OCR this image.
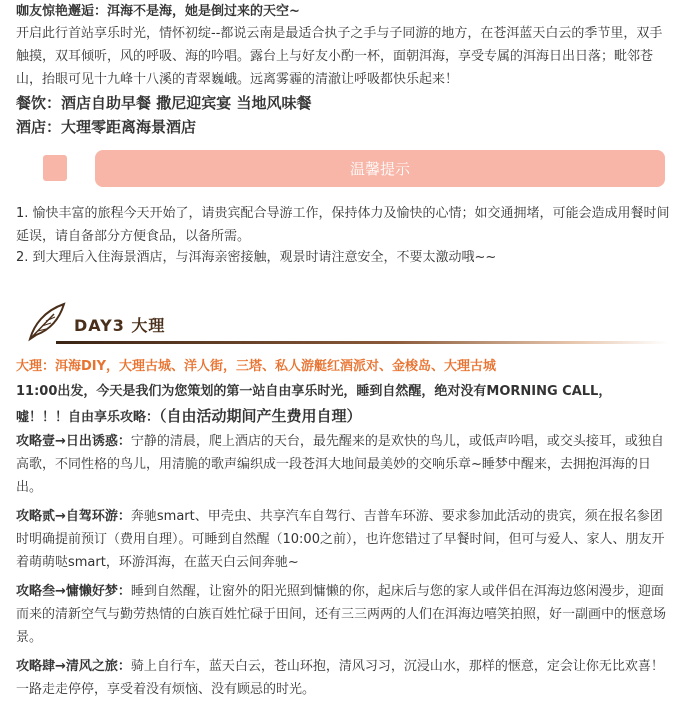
咖友惊艳邂逅：洱海不是海，她是倒过来的天空~

开启此行首站享乐时光，情怀初绽--都说云南是最适合执子之手与子同游的地方，在苍洱蓝天白云的季节里，双手触摸，双耳倾听，风的呼吸、海的吟唱。露台上与好友小酌一杯，面朝洱海，享受专属的洱海日出日落；毗邻苍山，抬眼可见十九峰十八溪的青翠巍峨。远离雾霾的清澈让呼吸都快乐起来！

餐饮：酒店自助早餐 撒尼迎宾宴 当地风味餐

酒店：大理零距离海景酒店

温馨提示

1. 愉快丰富的旅程今天开始了，请贵宾配合导游工作，保持体力及愉快的心情；如交通拥堵，可能会造成用餐时间延误，请自备部分方便食品，以备所需。

2. 到大理后入住海景酒店，与洱海亲密接触，观景时请注意安全，不要太激动哦~~

DAY3 大理

大理：洱海DIY，大理古城、洋人街，三塔、私人游艇红酒派对、金梭岛、大理古城

11:00出发，今天是我们为您策划的第一站自由享乐时光，睡到自然醒，绝对没有MORNING CALL，

嘘！！！自由享乐攻略：（自由活动期间产生费用自理）

攻略壹→日出诱惑：宁静的清晨，爬上酒店的天台，最先醒来的是欢快的鸟儿，或低声吟唱，或交头接耳，或独自高歌，不同性格的鸟儿，用清脆的歌声编织成一段苍洱大地间最美妙的交响乐章~睡梦中醒来，去拥抱洱海的日出。

攻略贰→自驾环游：奔驰smart、甲壳虫、共享汽车自驾行、吉普车环游、要求参加此活动的贵宾，须在报名参团时明确提前预订（费用自理）。可睡到自然醒（10:00之前），也许您错过了早餐时间，但可与爱人、家人、朋友开着萌萌哒smart，环游洱海，在蓝天白云间奔驰~

攻略叁→慵懒好梦：睡到自然醒，让窗外的阳光照到慵懒的你，起床后与您的家人或伴侣在洱海边悠闲漫步，迎面而来的清新空气与勤劳热情的白族百姓忙碌于田间，还有三三两两的人们在洱海边嘻笑拍照，好一副画中的惬意场景。

攻略肆→清风之旅：骑上自行车，蓝天白云，苍山环抱，清风习习，沉浸山水，那样的惬意，定会让你无比欢喜！一路走走停停，享受着没有烦恼、没有顾忌的时光。
